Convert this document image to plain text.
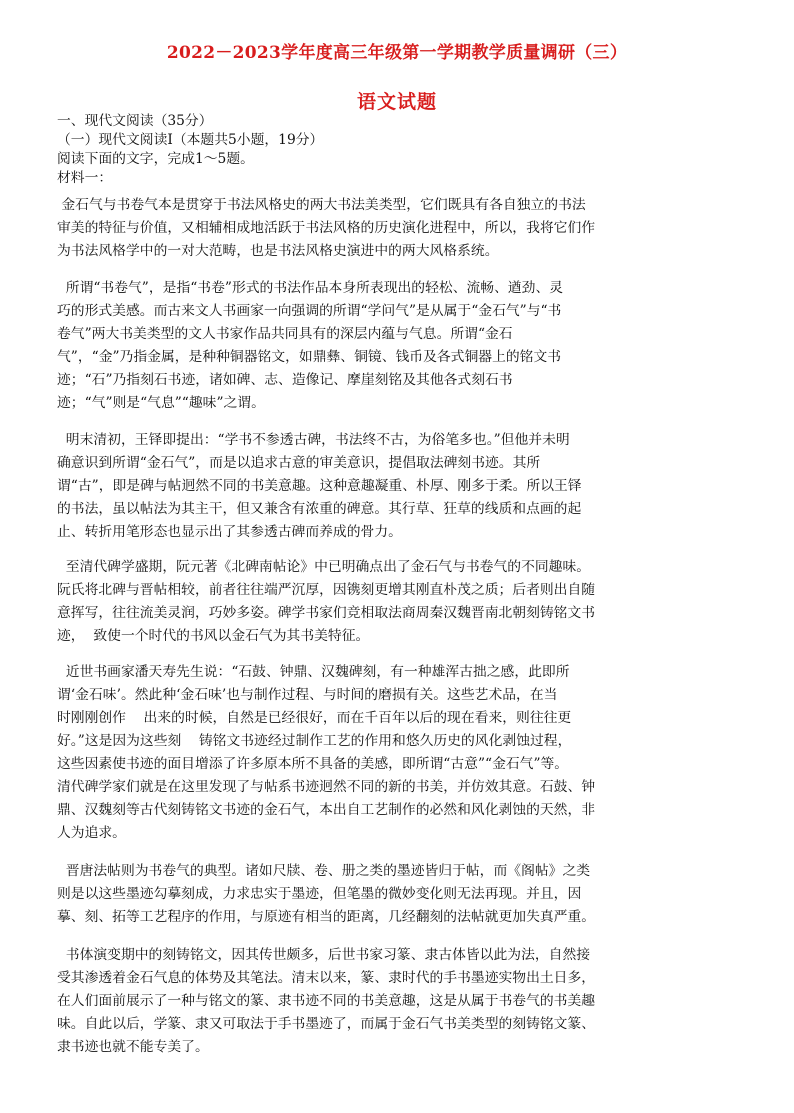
2022－2023学年度高三年级第一学期教学质量调研（三）
语文试题
一、现代文阅读（35分）
（一）现代文阅读Ⅰ（本题共5小题，19分）
阅读下面的文字，完成1～5题。
材料一：
金石气与书卷气本是贯穿于书法风格史的两大书法美类型，它们既具有各自独立的书法
审美的特征与价值，又相辅相成地活跃于书法风格的历史演化进程中，所以，我将它们作
为书法风格学中的一对大范畴，也是书法风格史演进中的两大风格系统。
所谓“书卷气”，是指“书卷”形式的书法作品本身所表现出的轻松、流畅、遒劲、灵
巧的形式美感。而古来文人书画家一向强调的所谓“学问气”是从属于“金石气”与“书
卷气”两大书美类型的文人书家作品共同具有的深层内蕴与气息。所谓“金石
气”，“金”乃指金属，是种种铜器铭文，如鼎彝、铜镜、钱币及各式铜器上的铭文书
迹；“石”乃指刻石书迹，诸如碑、志、造像记、摩崖刻铭及其他各式刻石书
迹；“气”则是“气息”“趣味”之谓。
明末清初，王铎即提出：“学书不参透古碑，书法终不古，为俗笔多也。”但他并未明
确意识到所谓“金石气”，而是以追求古意的审美意识，提倡取法碑刻书迹。其所
谓“古”，即是碑与帖迥然不同的书美意趣。这种意趣凝重、朴厚、刚多于柔。所以王铎
的书法，虽以帖法为其主干，但又兼含有浓重的碑意。其行草、狂草的线质和点画的起
止、转折用笔形态也显示出了其参透古碑而养成的骨力。
至清代碑学盛期，阮元著《北碑南帖论》中已明确点出了金石气与书卷气的不同趣味。
阮氏将北碑与晋帖相较，前者往往端严沉厚，因镌刻更增其刚直朴茂之质；后者则出自随
意挥写，往往流美灵润，巧妙多姿。碑学书家们竞相取法商周秦汉魏晋南北朝刻铸铭文书
迹，  致使一个时代的书风以金石气为其书美特征。
近世书画家潘天寿先生说：“石鼓、钟鼎、汉魏碑刻，有一种雄浑古拙之感，此即所
谓‘金石味’。然此种‘金石味’也与制作过程、与时间的磨损有关。这些艺术品，在当
时刚刚创作    出来的时候，自然是已经很好，而在千百年以后的现在看来，则往往更
好。”这是因为这些刻    铸铭文书迹经过制作工艺的作用和悠久历史的风化剥蚀过程，
这些因素使书迹的面目增添了许多原本所不具备的美感，即所谓“古意”“金石气”等。
清代碑学家们就是在这里发现了与帖系书迹迥然不同的新的书美，并仿效其意。石鼓、钟
鼎、汉魏刻等古代刻铸铭文书迹的金石气，本出自工艺制作的必然和风化剥蚀的天然，非
人为追求。
晋唐法帖则为书卷气的典型。诸如尺牍、卷、册之类的墨迹皆归于帖，而《阁帖》之类
则是以这些墨迹勾摹刻成，力求忠实于墨迹，但笔墨的微妙变化则无法再现。并且，因
摹、刻、拓等工艺程序的作用，与原迹有相当的距离，几经翻刻的法帖就更加失真严重。
书体演变期中的刻铸铭文，因其传世颇多，后世书家习篆、隶古体皆以此为法，自然接
受其渗透着金石气息的体势及其笔法。清末以来，篆、隶时代的手书墨迹实物出土日多，
在人们面前展示了一种与铭文的篆、隶书迹不同的书美意趣，这是从属于书卷气的书美趣
味。自此以后，学篆、隶又可取法于手书墨迹了，而属于金石气书美类型的刻铸铭文篆、
隶书迹也就不能专美了。
